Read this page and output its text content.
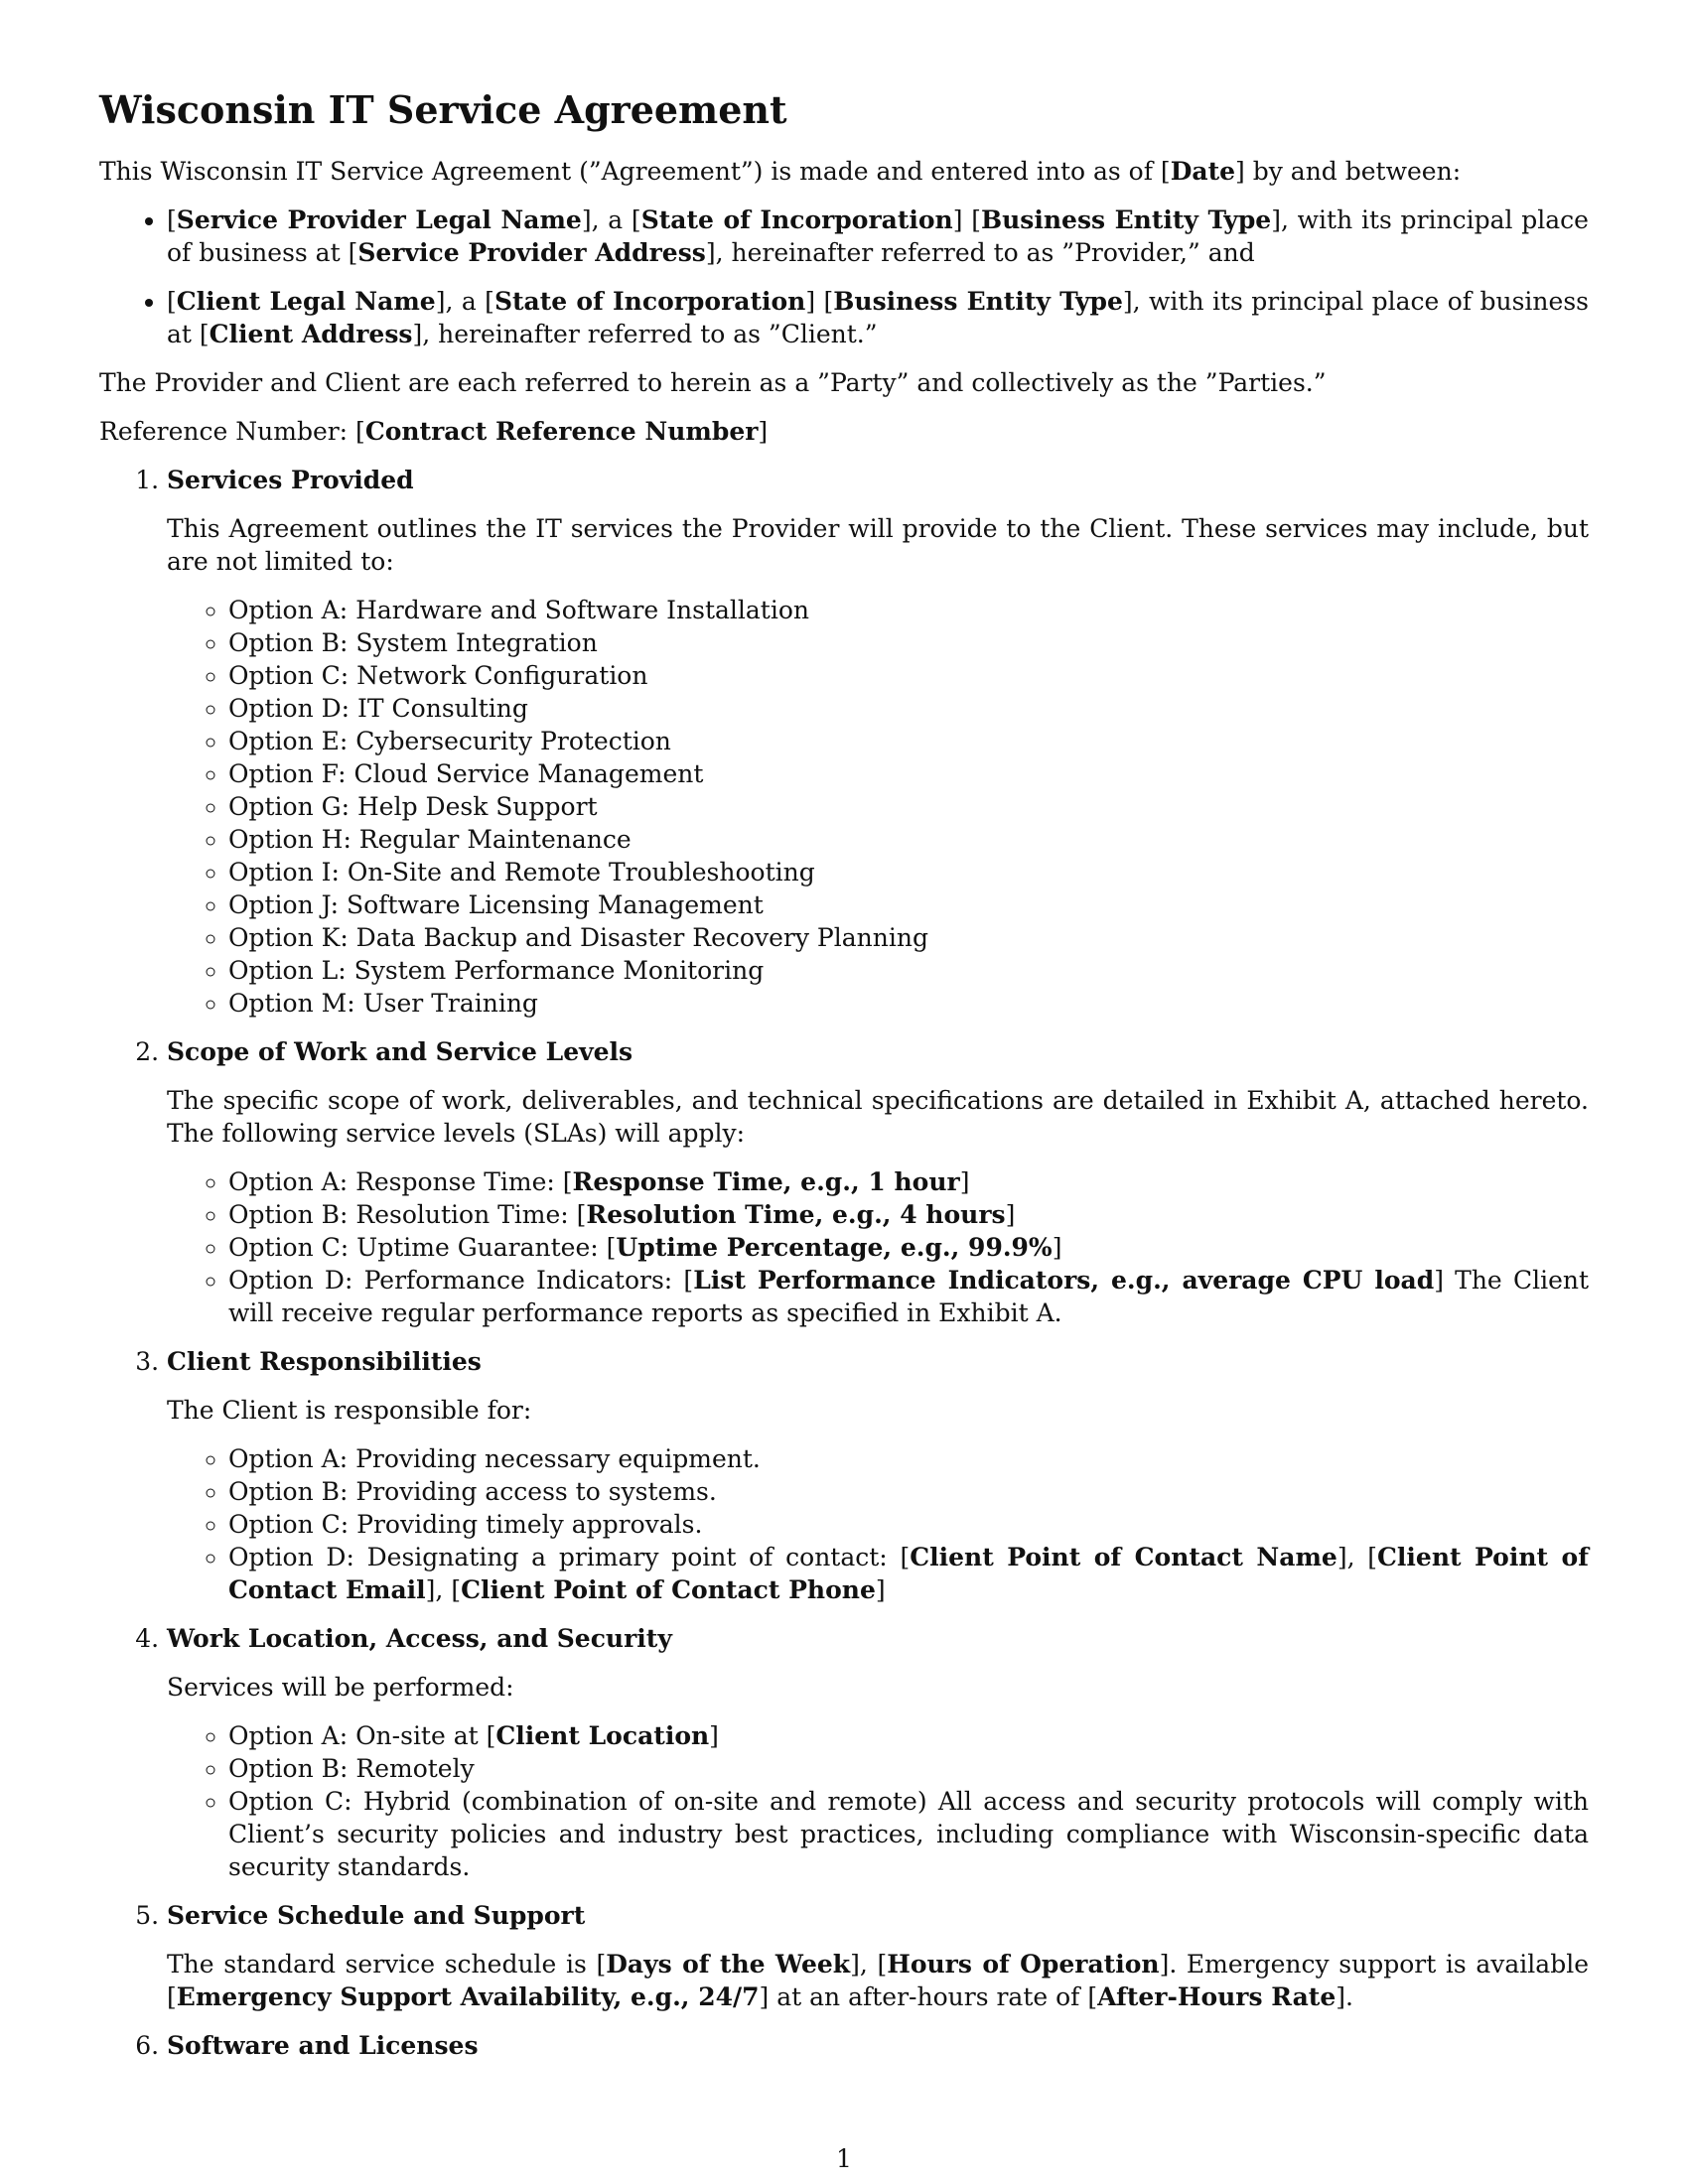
Wisconsin IT Service Agreement

This Wisconsin IT Service Agreement (”Agreement”) is made and entered into as of [Date] by and between:

• [Service Provider Legal Name], a [State of Incorporation] [Business Entity Type], with its principal place of business at [Service Provider Address], hereinafter referred to as ”Provider,” and
• [Client Legal Name], a [State of Incorporation] [Business Entity Type], with its principal place of business at [Client Address], hereinafter referred to as ”Client.”

The Provider and Client are each referred to herein as a ”Party” and collectively as the ”Parties.”

Reference Number: [Contract Reference Number]

1. Services Provided
This Agreement outlines the IT services the Provider will provide to the Client. These services may include, but are not limited to:
◦ Option A: Hardware and Software Installation
◦ Option B: System Integration
◦ Option C: Network Configuration
◦ Option D: IT Consulting
◦ Option E: Cybersecurity Protection
◦ Option F: Cloud Service Management
◦ Option G: Help Desk Support
◦ Option H: Regular Maintenance
◦ Option I: On-Site and Remote Troubleshooting
◦ Option J: Software Licensing Management
◦ Option K: Data Backup and Disaster Recovery Planning
◦ Option L: System Performance Monitoring
◦ Option M: User Training
2. Scope of Work and Service Levels
The specific scope of work, deliverables, and technical specifications are detailed in Exhibit A, attached hereto. The following service levels (SLAs) will apply:
◦ Option A: Response Time: [Response Time, e.g., 1 hour]
◦ Option B: Resolution Time: [Resolution Time, e.g., 4 hours]
◦ Option C: Uptime Guarantee: [Uptime Percentage, e.g., 99.9%]
◦ Option D: Performance Indicators: [List Performance Indicators, e.g., average CPU load] The Client will receive regular performance reports as specified in Exhibit A.
3. Client Responsibilities
The Client is responsible for:
◦ Option A: Providing necessary equipment.
◦ Option B: Providing access to systems.
◦ Option C: Providing timely approvals.
◦ Option D: Designating a primary point of contact: [Client Point of Contact Name], [Client Point of Contact Email], [Client Point of Contact Phone]
4. Work Location, Access, and Security
Services will be performed:
◦ Option A: On-site at [Client Location]
◦ Option B: Remotely
◦ Option C: Hybrid (combination of on-site and remote) All access and security protocols will comply with Client’s security policies and industry best practices, including compliance with Wisconsin-specific data security standards.
5. Service Schedule and Support
The standard service schedule is [Days of the Week], [Hours of Operation]. Emergency support is available [Emergency Support Availability, e.g., 24/7] at an after-hours rate of [After-Hours Rate].
6. Software and Licenses
1
